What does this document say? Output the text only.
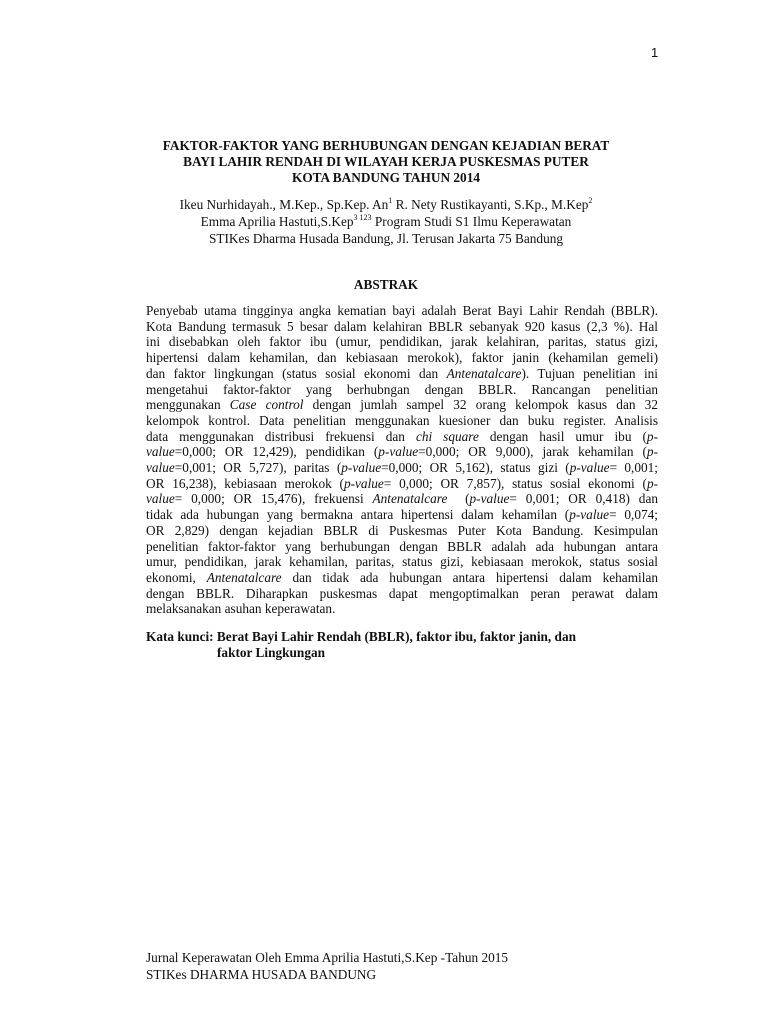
1
FAKTOR-FAKTOR YANG BERHUBUNGAN DENGAN KEJADIAN BERAT
BAYI LAHIR RENDAH DI WILAYAH KERJA PUSKESMAS PUTER
KOTA BANDUNG TAHUN 2014
Ikeu Nurhidayah., M.Kep., Sp.Kep. An$^1$ R. Nety Rustikayanti, S.Kp., M.Kep$^2$
Emma Aprilia Hastuti,S.Kep$^{3 123}$ Program Studi S1 Ilmu Keperawatan
STIKes Dharma Husada Bandung, Jl. Terusan Jakarta 75 Bandung
ABSTRAK
Penyebab utama tingginya angka kematian bayi adalah Berat Bayi Lahir Rendah (BBLR).
Kota Bandung termasuk 5 besar dalam kelahiran BBLR sebanyak 920 kasus (2,3 %). Hal
ini disebabkan oleh faktor ibu (umur, pendidikan, jarak kelahiran, paritas, status gizi,
hipertensi dalam kehamilan, dan kebiasaan merokok), faktor janin (kehamilan gemeli)
dan faktor lingkungan (status sosial ekonomi dan Antenatalcare). Tujuan penelitian ini
mengetahui faktor-faktor yang berhubngan dengan BBLR. Rancangan penelitian
menggunakan Case control dengan jumlah sampel 32 orang kelompok kasus dan 32
kelompok kontrol. Data penelitian menggunakan kuesioner dan buku register. Analisis
data menggunakan distribusi frekuensi dan chi square dengan hasil umur ibu (p-
value=0,000; OR 12,429), pendidikan (p-value=0,000; OR 9,000), jarak kehamilan (p-
value=0,001; OR 5,727), paritas (p-value=0,000; OR 5,162), status gizi (p-value= 0,001;
OR 16,238), kebiasaan merokok (p-value= 0,000; OR 7,857), status sosial ekonomi (p-
value= 0,000; OR 15,476), frekuensi Antenatalcare  (p-value= 0,001; OR 0,418) dan
tidak ada hubungan yang bermakna antara hipertensi dalam kehamilan (p-value= 0,074;
OR 2,829) dengan kejadian BBLR di Puskesmas Puter Kota Bandung. Kesimpulan
penelitian faktor-faktor yang berhubungan dengan BBLR adalah ada hubungan antara
umur, pendidikan, jarak kehamilan, paritas, status gizi, kebiasaan merokok, status sosial
ekonomi, Antenatalcare dan tidak ada hubungan antara hipertensi dalam kehamilan
dengan BBLR. Diharapkan puskesmas dapat mengoptimalkan peran perawat dalam
melaksanakan asuhan keperawatan.
Kata kunci: Berat Bayi Lahir Rendah (BBLR), faktor ibu, faktor janin, dan
faktor Lingkungan
Jurnal Keperawatan Oleh Emma Aprilia Hastuti,S.Kep -Tahun 2015
STIKes DHARMA HUSADA BANDUNG
